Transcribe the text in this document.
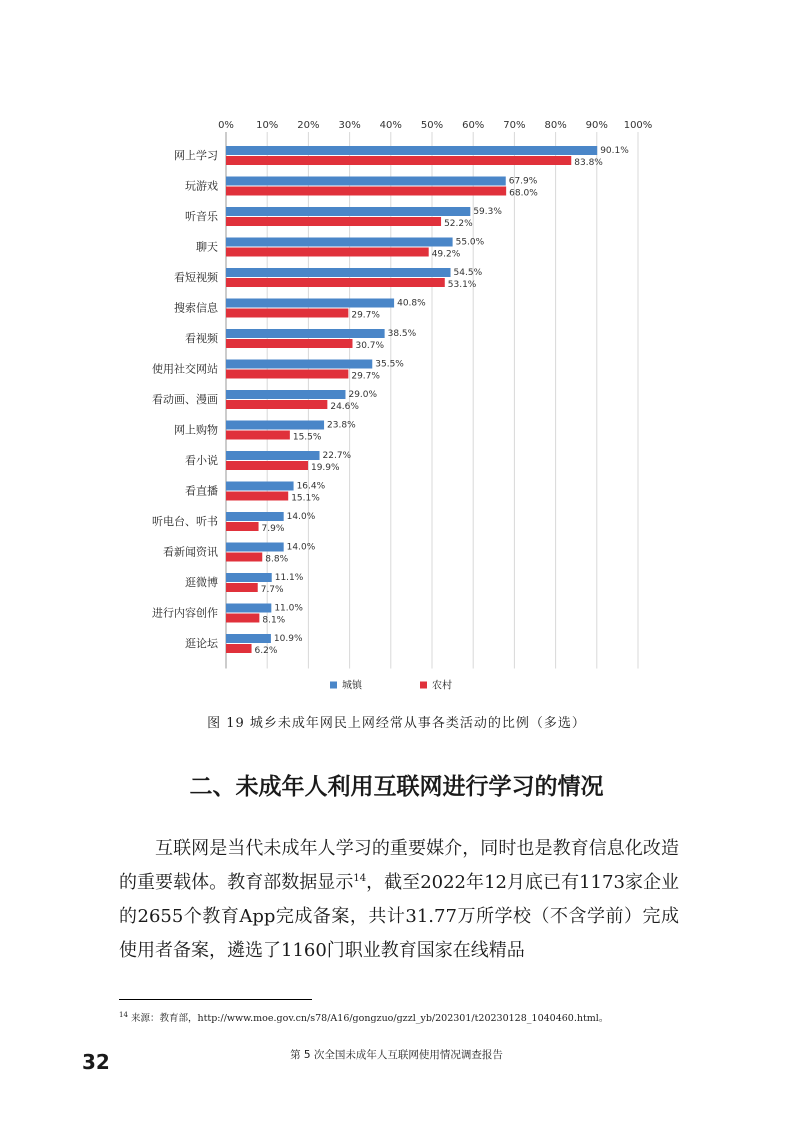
0% 10% 20% 30% 40% 50% 60% 70% 80% 90% 100%
网上学习	90.1%
83.8%
玩游戏	67.9%
68.0%
听音乐	59.3%
52.2%
聊天	55.0%
49.2%
看短视频	54.5%
53.1%
搜索信息	40.8%
29.7%
看视频	38.5%
30.7%
使用社交网站	35.5%
29.7%
看动画、漫画	29.0%
24.6%
网上购物	23.8%
15.5%
看小说	22.7%
19.9%
看直播	16.4%
15.1%
听电台、听书	14.0%
7.9%
看新闻资讯	14.0%
8.8%
逛微博	11.1%
7.7%
进行内容创作	11.0%
8.1%
逛论坛	10.9%
6.2%
城镇	农村
图 19 城乡未成年网民上网经常从事各类活动的比例（多选）
二、未成年人利用互联网进行学习的情况

互联网是当代未成年人学习的重要媒介，同时也是教育信息化改造的重要载体。教育部数据显示$^{14}$，截至2022年12月底已有1173家企业的2655个教育App完成备案，共计31.77万所学校（不含学前）完成使用者备案，遴选了1160门职业教育国家在线精品

$^{14}$ 来源：教育部，http://www.moe.gov.cn/s78/A16/gongzuo/gzzl_yb/202301/t20230128_1040460.html。
32	第 5 次全国未成年人互联网使用情况调查报告
